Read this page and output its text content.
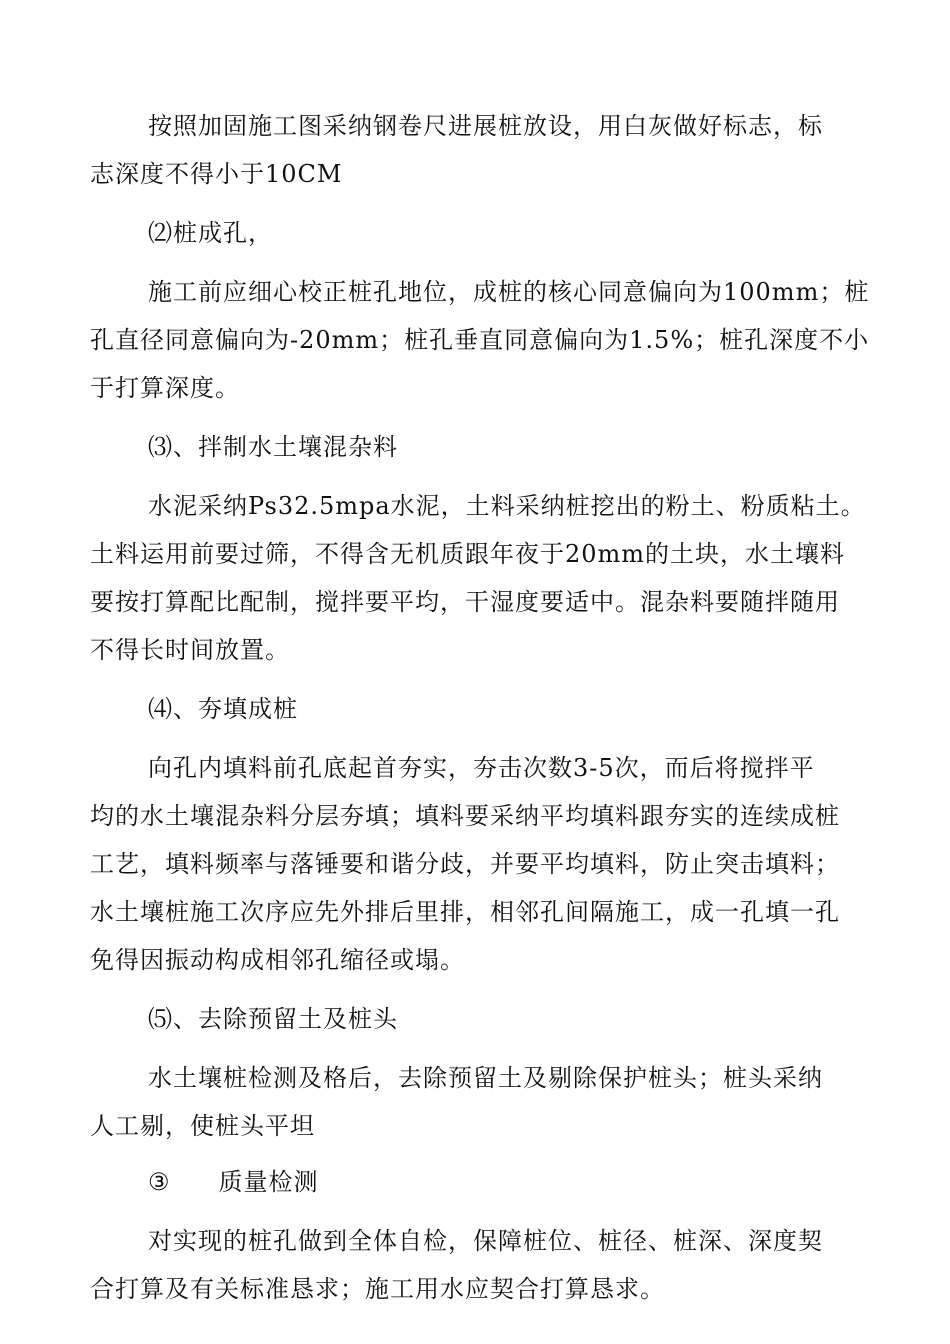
按照加固施工图采纳钢卷尺进展桩放设，用白灰做好标志，标
志深度不得小于10CM
⑵桩成孔，
施工前应细心校正桩孔地位，成桩的核心同意偏向为100mm；桩
孔直径同意偏向为-20mm；桩孔垂直同意偏向为1.5%；桩孔深度不小
于打算深度。
⑶、拌制水土壤混杂料
水泥采纳Ps32.5mpa水泥，土料采纳桩挖出的粉土、粉质粘土。
土料运用前要过筛，不得含无机质跟年夜于20mm的土块，水土壤料
要按打算配比配制，搅拌要平均，干湿度要适中。混杂料要随拌随用
不得长时间放置。
⑷、夯填成桩
向孔内填料前孔底起首夯实，夯击次数3-5次，而后将搅拌平
均的水土壤混杂料分层夯填；填料要采纳平均填料跟夯实的连续成桩
工艺，填料频率与落锤要和谐分歧，并要平均填料，防止突击填料；
水土壤桩施工次序应先外排后里排，相邻孔间隔施工，成一孔填一孔
免得因振动构成相邻孔缩径或塌。
⑸、去除预留土及桩头
水土壤桩检测及格后，去除预留土及剔除保护桩头；桩头采纳
人工剔，使桩头平坦
③ 质量检测
对实现的桩孔做到全体自检，保障桩位、桩径、桩深、深度契
合打算及有关标准恳求；施工用水应契合打算恳求。
